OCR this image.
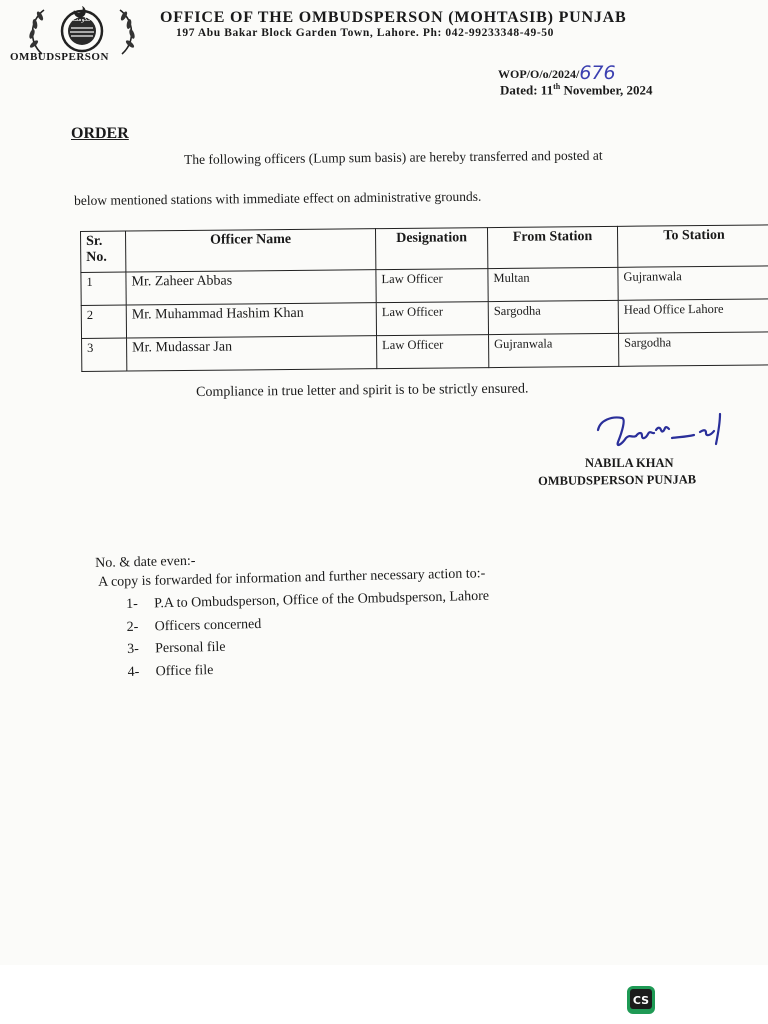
حکومت
OMBUDSPERSON
OFFICE OF THE OMBUDSPERSON (MOHTASIB) PUNJAB
197 Abu Bakar Block Garden Town, Lahore. Ph: 042-99233348-49-50
WOP/O/o/2024/676
Dated: 11th November, 2024
ORDER
The following officers (Lump sum basis) are hereby transferred and posted at
below mentioned stations with immediate effect on administrative grounds.
Sr.
No.	Officer Name	Designation	From Station	To Station
1	Mr. Zaheer Abbas	Law Officer	Multan	Gujranwala
2	Mr. Muhammad Hashim Khan	Law Officer	Sargodha	Head Office Lahore
3	Mr. Mudassar Jan	Law Officer	Gujranwala	Sargodha
Compliance in true letter and spirit is to be strictly ensured.
NABILA KHAN
OMBUDSPERSON PUNJAB
No. & date even:-
A copy is forwarded for information and further necessary action to:-
1- P.A to Ombudsperson, Office of the Ombudsperson, Lahore
2- Officers concerned
3- Personal file
4- Office file
CS
